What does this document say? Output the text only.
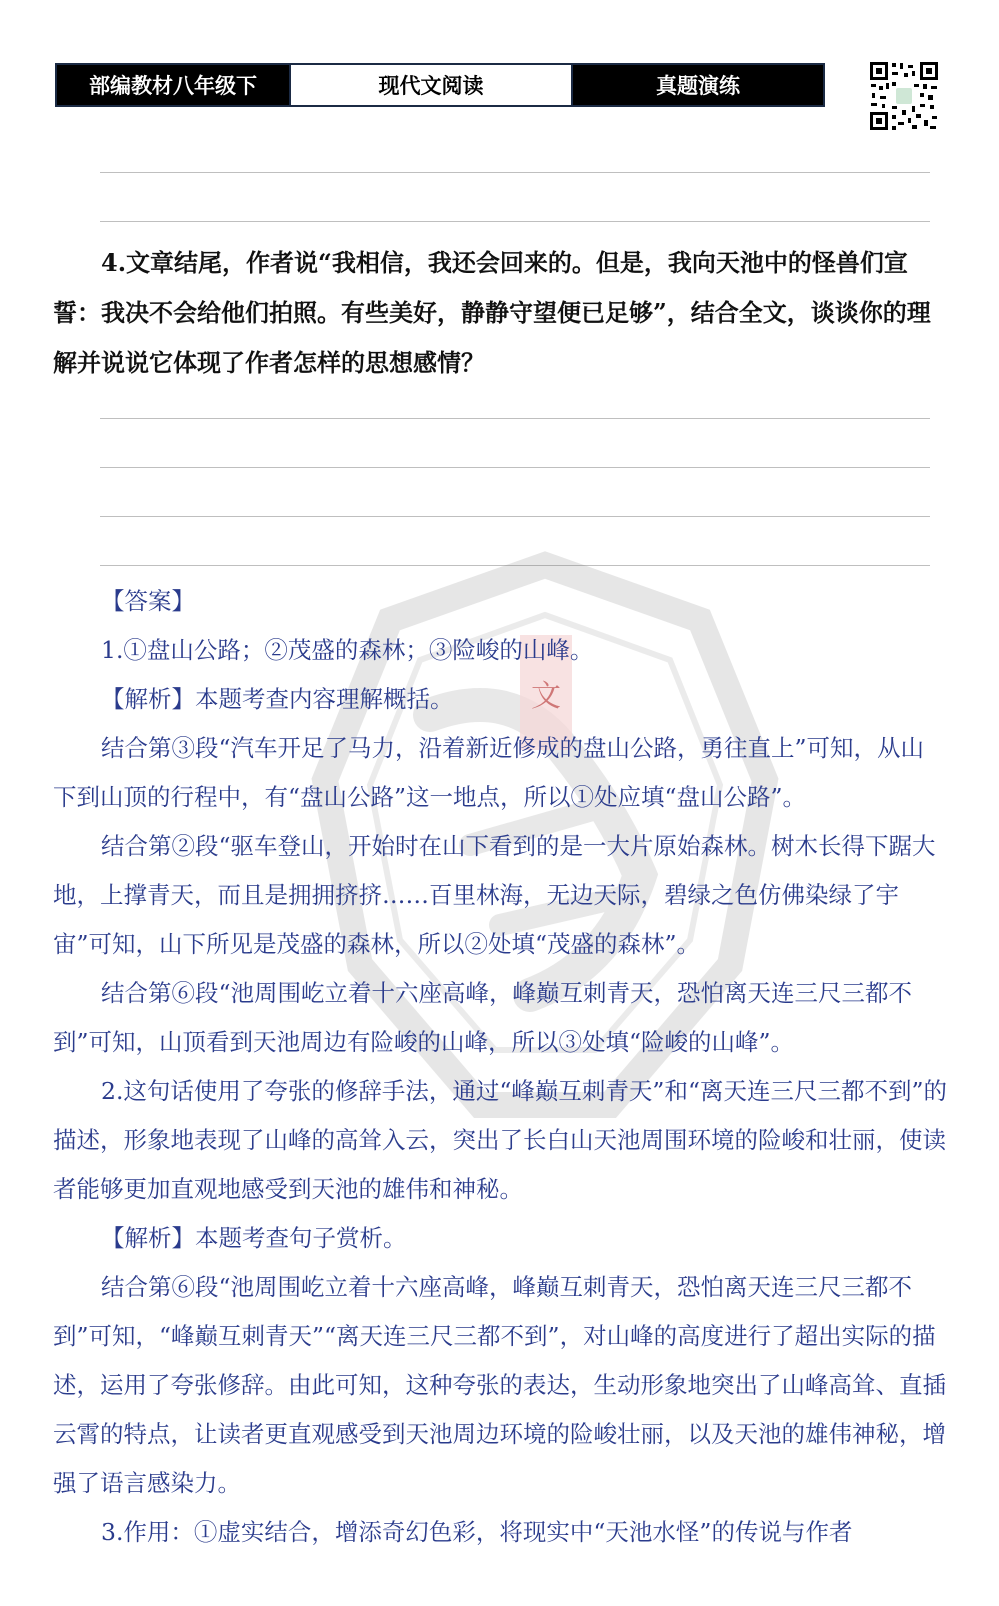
部编教材八年级下	现代文阅读	真题演练

4.文章结尾，作者说“我相信，我还会回来的。但是，我向天池中的怪兽们宣誓：我决不会给他们拍照。有些美好，静静守望便已足够”，结合全文，谈谈你的理解并说说它体现了作者怎样的思想感情？

文

【答案】

1.①盘山公路；②茂盛的森林；③险峻的山峰。

【解析】本题考查内容理解概括。

结合第③段“汽车开足了马力，沿着新近修成的盘山公路，勇往直上”可知，从山下到山顶的行程中，有“盘山公路”这一地点，所以①处应填“盘山公路”。

结合第②段“驱车登山，开始时在山下看到的是一大片原始森林。树木长得下踞大地，上撑青天，而且是拥拥挤挤……百里林海，无边天际，碧绿之色仿佛染绿了宇宙”可知，山下所见是茂盛的森林，所以②处填“茂盛的森林”。

结合第⑥段“池周围屹立着十六座高峰，峰巅互刺青天，恐怕离天连三尺三都不到”可知，山顶看到天池周边有险峻的山峰，所以③处填“险峻的山峰”。

2.这句话使用了夸张的修辞手法，通过“峰巅互刺青天”和“离天连三尺三都不到”的描述，形象地表现了山峰的高耸入云，突出了长白山天池周围环境的险峻和壮丽，使读者能够更加直观地感受到天池的雄伟和神秘。

【解析】本题考查句子赏析。

结合第⑥段“池周围屹立着十六座高峰，峰巅互刺青天，恐怕离天连三尺三都不到”可知，“峰巅互刺青天”“离天连三尺三都不到”，对山峰的高度进行了超出实际的描述，运用了夸张修辞。由此可知，这种夸张的表达，生动形象地突出了山峰高耸、直插云霄的特点，让读者更直观感受到天池周边环境的险峻壮丽，以及天池的雄伟神秘，增强了语言感染力。

3.作用：①虚实结合，增添奇幻色彩，将现实中“天池水怪”的传说与作者
